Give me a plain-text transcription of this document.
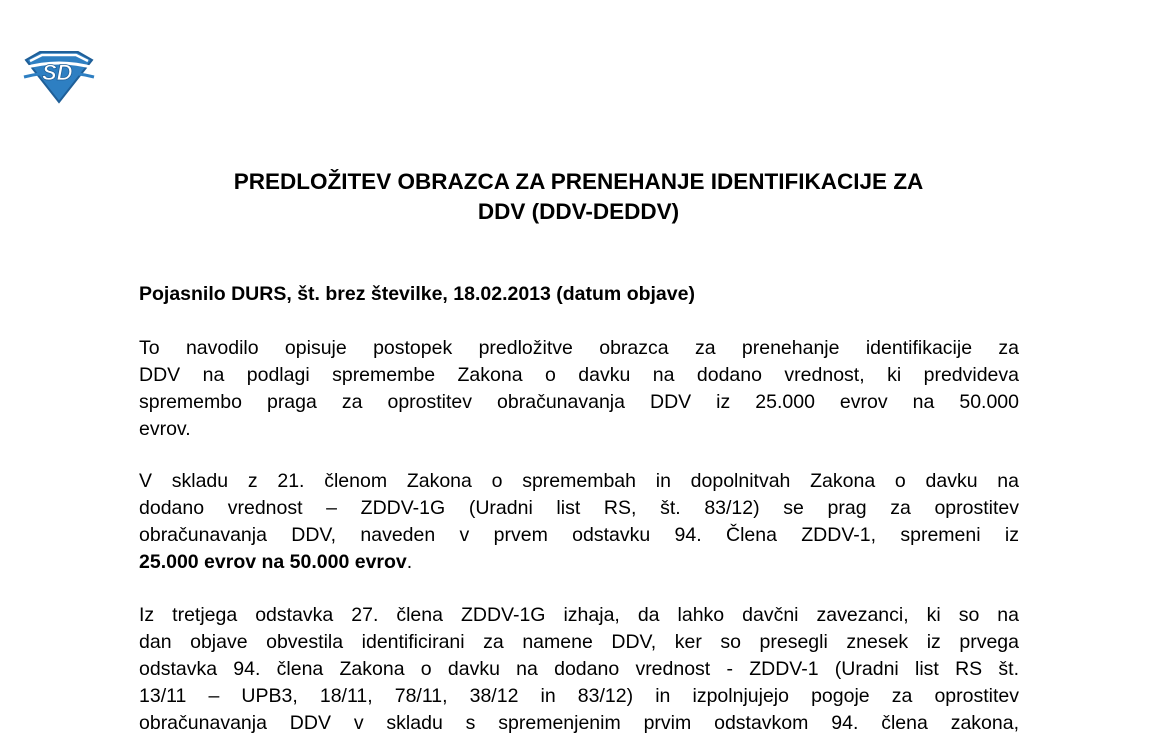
SD
PREDLOŽITEV OBRAZCA ZA PRENEHANJE IDENTIFIKACIJE ZA
DDV (DDV-DEDDV)
Pojasnilo DURS, št. brez številke, 18.02.2013 (datum objave)
To navodilo opisuje postopek predložitve obrazca za prenehanje identifikacije za
DDV na podlagi spremembe Zakona o davku na dodano vrednost, ki predvideva
spremembo praga za oprostitev obračunavanja DDV iz 25.000 evrov na 50.000
evrov.
V skladu z 21. členom Zakona o spremembah in dopolnitvah Zakona o davku na
dodano vrednost – ZDDV-1G (Uradni list RS, št. 83/12) se prag za oprostitev
obračunavanja DDV, naveden v prvem odstavku 94. Člena ZDDV-1, spremeni iz
25.000 evrov na 50.000 evrov.
Iz tretjega odstavka 27. člena ZDDV-1G izhaja, da lahko davčni zavezanci, ki so na
dan objave obvestila identificirani za namene DDV, ker so presegli znesek iz prvega
odstavka 94. člena Zakona o davku na dodano vrednost - ZDDV-1 (Uradni list RS št.
13/11 – UPB3, 18/11, 78/11, 38/12 in 83/12) in izpolnjujejo pogoje za oprostitev
obračunavanja DDV v skladu s spremenjenim prvim odstavkom 94. člena zakona,
